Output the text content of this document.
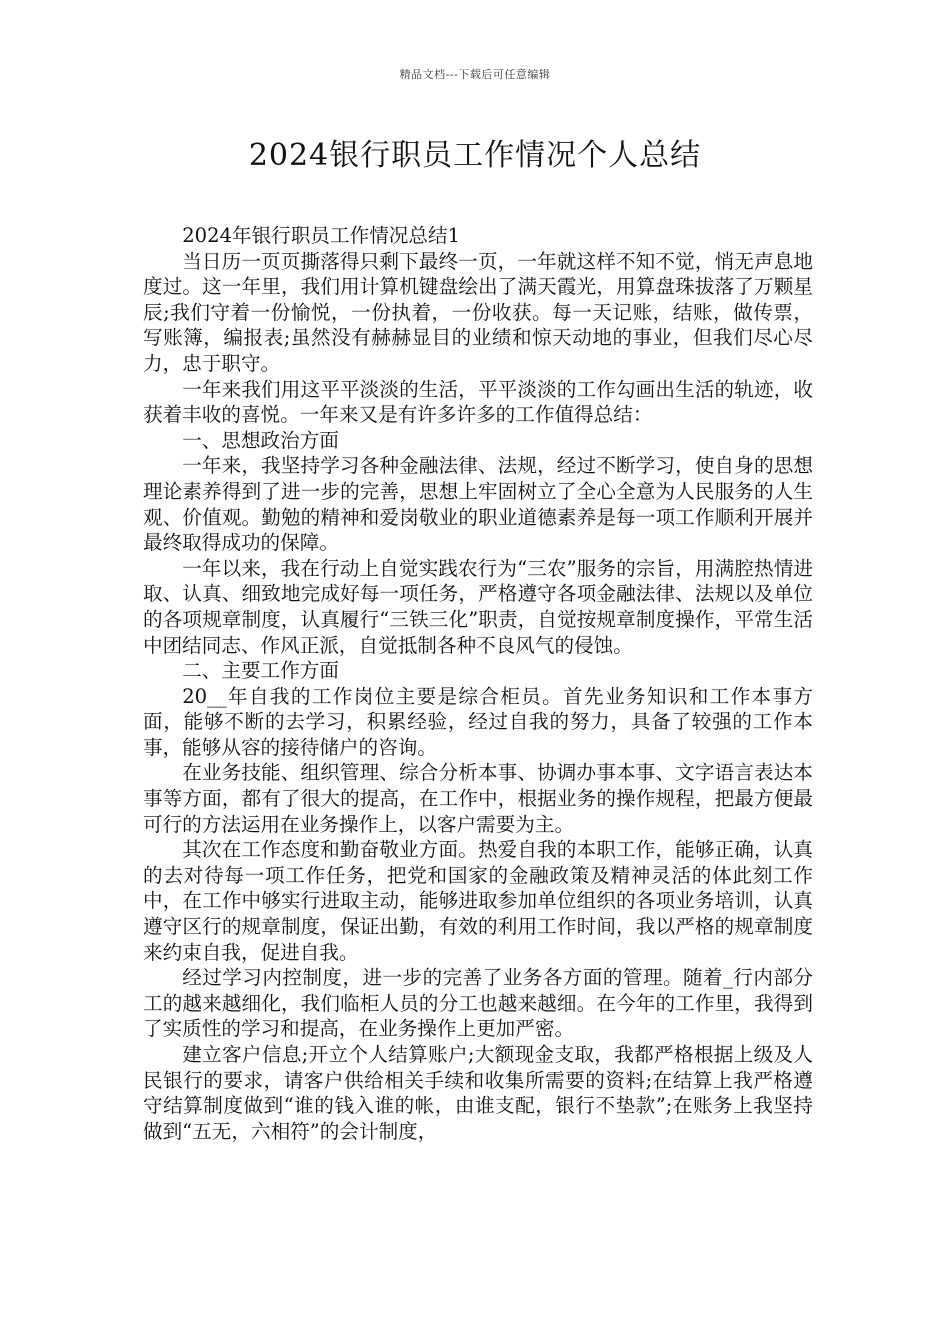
精品文档---下载后可任意编辑
2024银行职员工作情况个人总结

2024年银行职员工作情况总结1

当日历一页页撕落得只剩下最终一页，一年就这样不知不觉，悄无声息地度过。这一年里，我们用计算机键盘绘出了满天霞光，用算盘珠拔落了万颗星辰;我们守着一份愉悦，一份执着，一份收获。每一天记账，结账，做传票，写账簿，编报表;虽然没有赫赫显目的业绩和惊天动地的事业，但我们尽心尽力，忠于职守。

一年来我们用这平平淡淡的生活，平平淡淡的工作勾画出生活的轨迹，收获着丰收的喜悦。一年来又是有许多许多的工作值得总结：

一、思想政治方面

一年来，我坚持学习各种金融法律、法规，经过不断学习，使自身的思想理论素养得到了进一步的完善，思想上牢固树立了全心全意为人民服务的人生观、价值观。勤勉的精神和爱岗敬业的职业道德素养是每一项工作顺利开展并最终取得成功的保障。

一年以来，我在行动上自觉实践农行为“三农”服务的宗旨，用满腔热情进取、认真、细致地完成好每一项任务，严格遵守各项金融法律、法规以及单位的各项规章制度，认真履行“三铁三化”职责，自觉按规章制度操作，平常生活中团结同志、作风正派，自觉抵制各种不良风气的侵蚀。

二、主要工作方面

20__年自我的工作岗位主要是综合柜员。首先业务知识和工作本事方面，能够不断的去学习，积累经验，经过自我的努力，具备了较强的工作本事，能够从容的接待储户的咨询。

在业务技能、组织管理、综合分析本事、协调办事本事、文字语言表达本事等方面，都有了很大的提高，在工作中，根据业务的操作规程，把最方便最可行的方法运用在业务操作上，以客户需要为主。

其次在工作态度和勤奋敬业方面。热爱自我的本职工作，能够正确，认真的去对待每一项工作任务，把党和国家的金融政策及精神灵活的体此刻工作中，在工作中够实行进取主动，能够进取参加单位组织的各项业务培训，认真遵守区行的规章制度，保证出勤，有效的利用工作时间，我以严格的规章制度来约束自我，促进自我。

经过学习内控制度，进一步的完善了业务各方面的管理。随着_行内部分工的越来越细化，我们临柜人员的分工也越来越细。在今年的工作里，我得到了实质性的学习和提高，在业务操作上更加严密。

建立客户信息;开立个人结算账户;大额现金支取，我都严格根据上级及人民银行的要求，请客户供给相关手续和收集所需要的资料;在结算上我严格遵守结算制度做到“谁的钱入谁的帐，由谁支配，银行不垫款”;在账务上我坚持做到“五无，六相符”的会计制度，
